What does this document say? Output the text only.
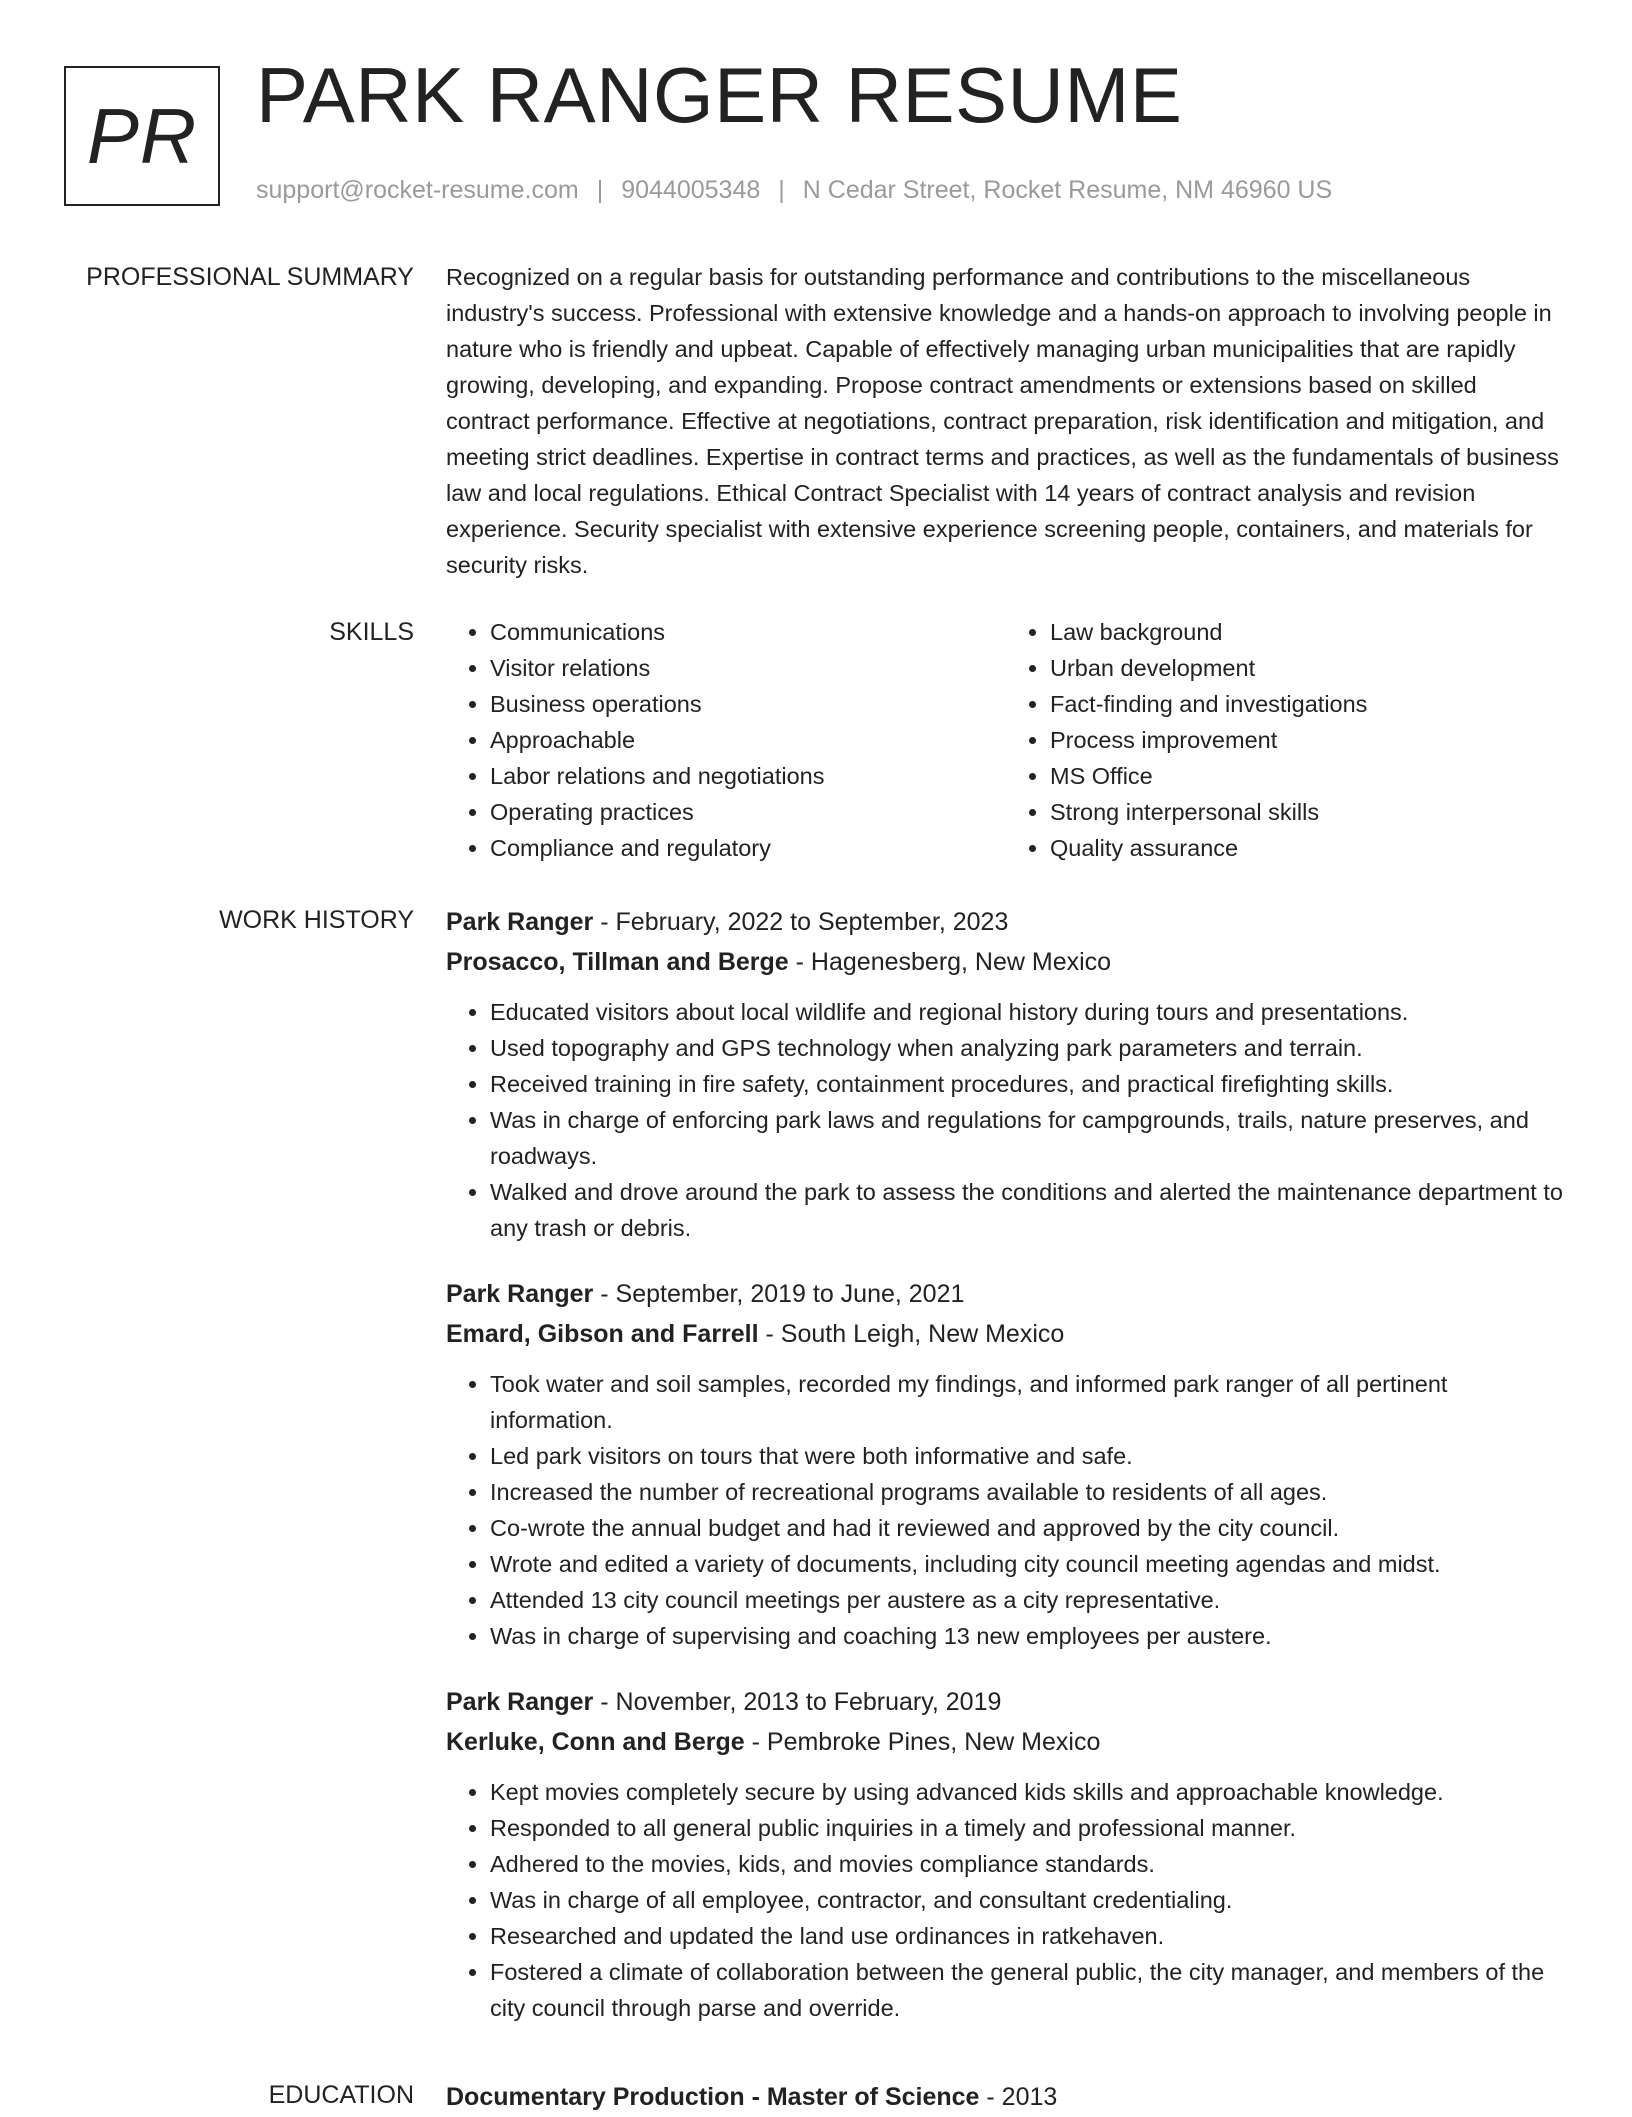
PR PARK RANGER RESUME
support@rocket-resume.com | 9044005348 | N Cedar Street, Rocket Resume, NM 46960 US
PROFESSIONAL SUMMARY Recognized on a regular basis for outstanding performance and contributions to the miscellaneous industry's success. Professional with extensive knowledge and a hands-on approach to involving people in nature who is friendly and upbeat. Capable of effectively managing urban municipalities that are rapidly growing, developing, and expanding. Propose contract amendments or extensions based on skilled contract performance. Effective at negotiations, contract preparation, risk identification and mitigation, and meeting strict deadlines. Expertise in contract terms and practices, as well as the fundamentals of business law and local regulations. Ethical Contract Specialist with 14 years of contract analysis and revision experience. Security specialist with extensive experience screening people, containers, and materials for security risks.

SKILLS
•	Communications
• Visitor relations
• Business operations
• Approachable
• Labor relations and negotiations
• Operating practices
• Compliance and regulatory
• Law background
• Urban development
• Fact-finding and investigations
• Process improvement
• MS Office
• Strong interpersonal skills
• Quality assurance
WORK HISTORY Park Ranger - February, 2022 to September, 2023
Prosacco, Tillman and Berge - Hagenesberg, New Mexico
• Educated visitors about local wildlife and regional history during tours and presentations.
• Used topography and GPS technology when analyzing park parameters and terrain.
• Received training in fire safety, containment procedures, and practical firefighting skills.
• Was in charge of enforcing park laws and regulations for campgrounds, trails, nature preserves, and roadways.
• Walked and drove around the park to assess the conditions and alerted the maintenance department to any trash or debris.
Park Ranger - September, 2019 to June, 2021
Emard, Gibson and Farrell - South Leigh, New Mexico
• Took water and soil samples, recorded my findings, and informed park ranger of all pertinent information.
• Led park visitors on tours that were both informative and safe.
• Increased the number of recreational programs available to residents of all ages.
• Co-wrote the annual budget and had it reviewed and approved by the city council.
• Wrote and edited a variety of documents, including city council meeting agendas and midst.
• Attended 13 city council meetings per austere as a city representative.
• Was in charge of supervising and coaching 13 new employees per austere.
Park Ranger - November, 2013 to February, 2019
Kerluke, Conn and Berge - Pembroke Pines, New Mexico
• Kept movies completely secure by using advanced kids skills and approachable knowledge.
• Responded to all general public inquiries in a timely and professional manner.
• Adhered to the movies, kids, and movies compliance standards.
• Was in charge of all employee, contractor, and consultant credentialing.
• Researched and updated the land use ordinances in ratkehaven.
• Fostered a climate of collaboration between the general public, the city manager, and members of the city council through parse and override.
EDUCATION Documentary Production - Master of Science - 2013
